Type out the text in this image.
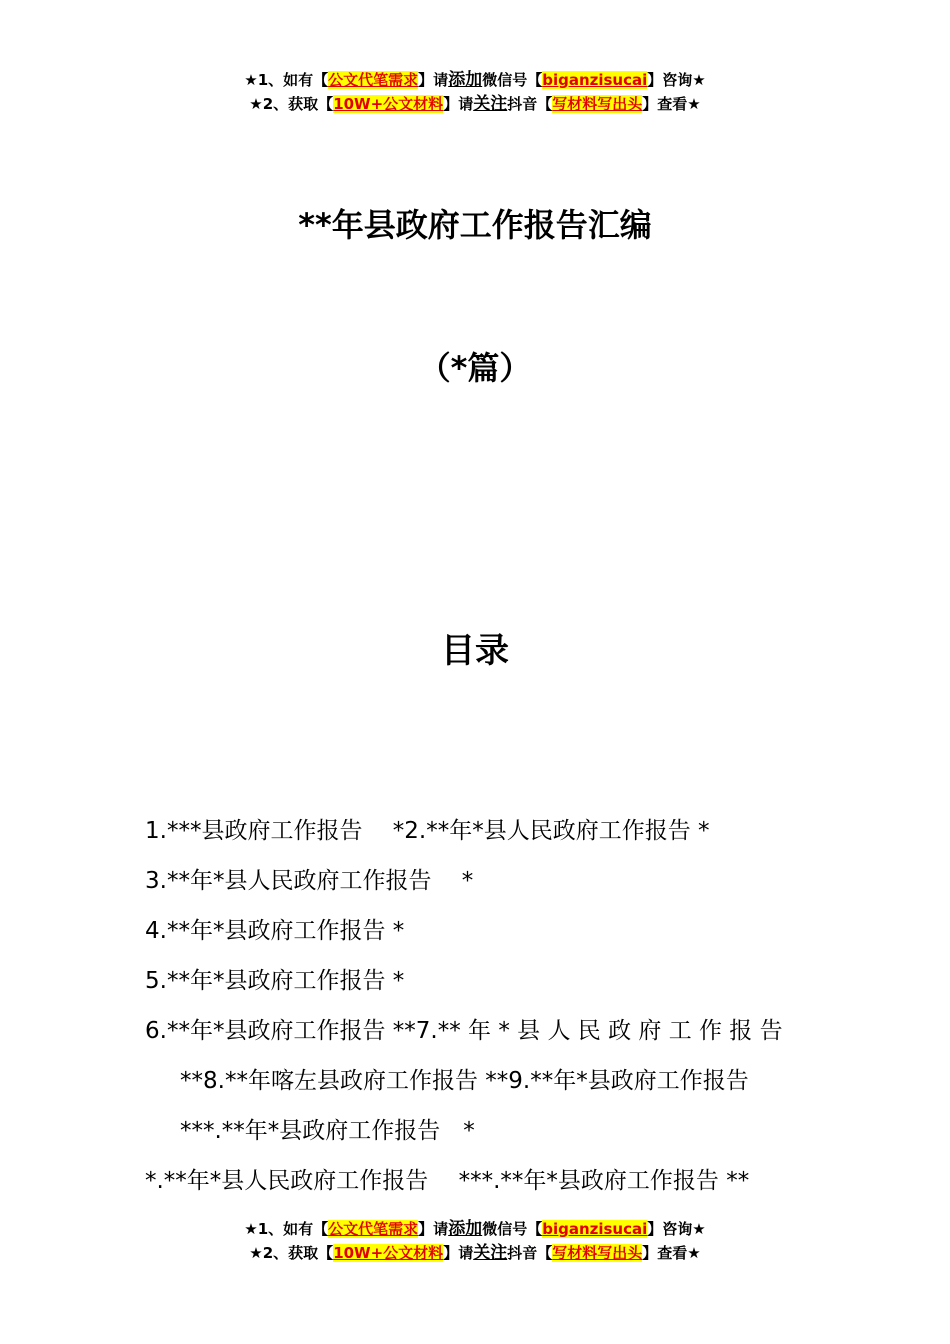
★1、如有【公文代笔需求】请添加微信号【biganzisucai】咨询★
★2、获取【10W+公文材料】请关注抖音【写材料写出头】查看★
**年县政府工作报告汇编
（*篇）
目录
1.***县政府工作报告　 *2.**年*县人民政府工作报告 *
3.**年*县人民政府工作报告　 *
4.**年*县政府工作报告 *
5.**年*县政府工作报告 *
6.**年*县政府工作报告 **7.** 年 * 县 人 民 政 府 工 作 报 告
**8.**年喀左县政府工作报告 **9.**年*县政府工作报告
***.**年*县政府工作报告　*
*.**年*县人民政府工作报告　 ***.**年*县政府工作报告 **
★1、如有【公文代笔需求】请添加微信号【biganzisucai】咨询★
★2、获取【10W+公文材料】请关注抖音【写材料写出头】查看★
